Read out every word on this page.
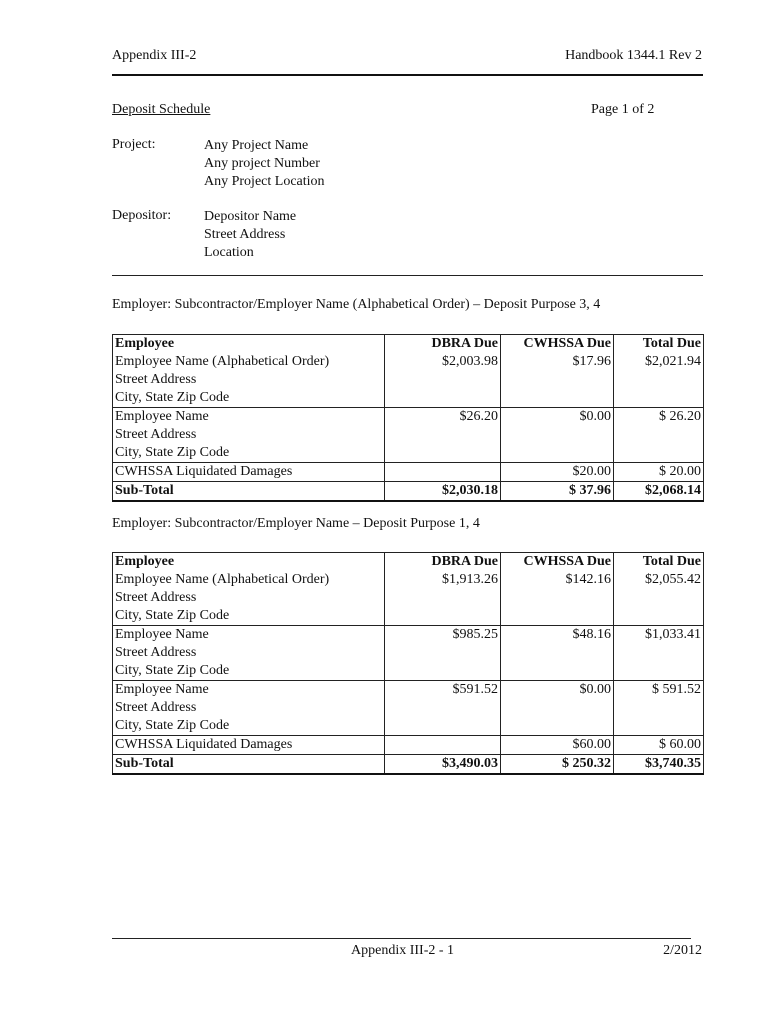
Appendix III-2	Handbook 1344.1 Rev 2
Deposit Schedule	Page 1 of 2
Project:	Any Project Name
Any project Number
Any Project Location
Depositor: Depositor Name
Street Address
Location
Employer: Subcontractor/Employer Name (Alphabetical Order) – Deposit Purpose 3, 4
Employee	DBRA Due	CWHSSA Due	Total Due

Employee Name (Alphabetical Order)
Street Address
City, State Zip Code	$2,003.98	$17.96	$2,021.94

Employee Name
Street Address
City, State Zip Code	$26.20	$0.00	$ 26.20
CWHSSA Liquidated Damages		$20.00	$ 20.00
Sub-Total	$2,030.18	$ 37.96	$2,068.14
Employer: Subcontractor/Employer Name – Deposit Purpose 1, 4
Employee	DBRA Due	CWHSSA Due	Total Due

Employee Name (Alphabetical Order)
Street Address
City, State Zip Code	$1,913.26	$142.16	$2,055.42

Employee Name
Street Address
City, State Zip Code	$985.25	$48.16	$1,033.41

Employee Name
Street Address
City, State Zip Code	$591.52	$0.00	$ 591.52
CWHSSA Liquidated Damages		$60.00	$ 60.00
Sub-Total	$3,490.03	$ 250.32	$3,740.35
Appendix III-2 - 1	2/2012
